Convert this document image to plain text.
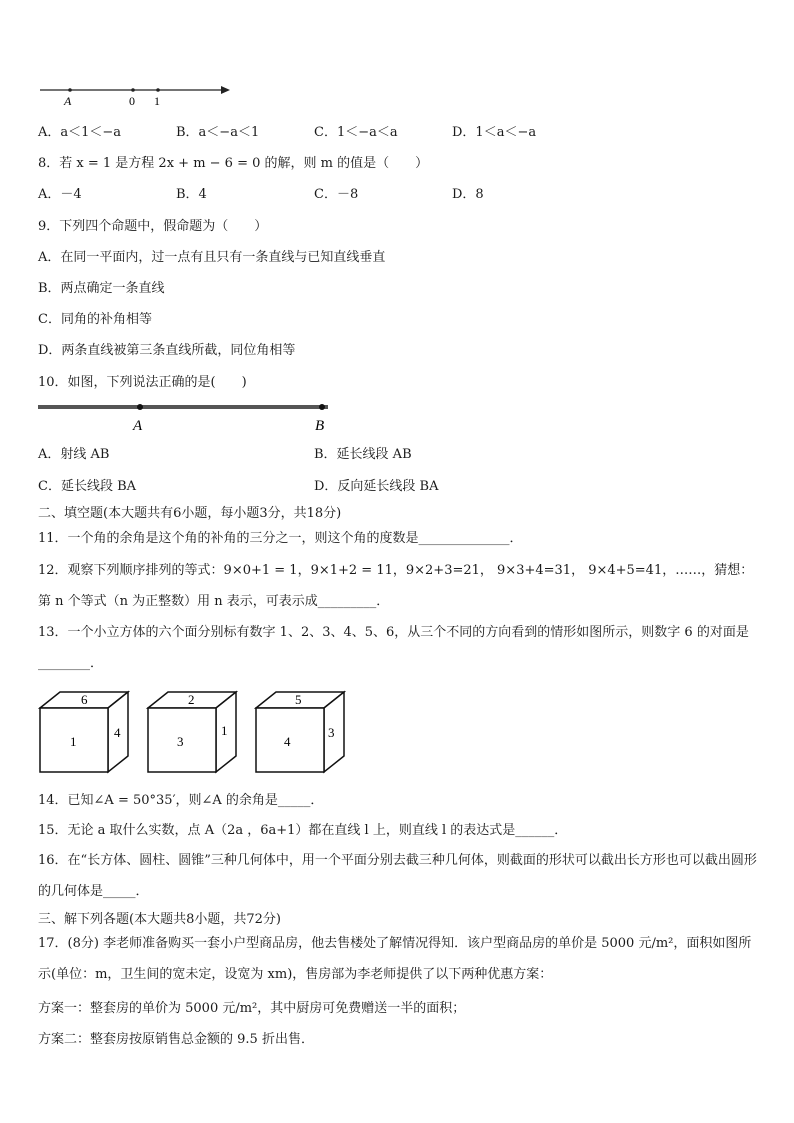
A	0 1
A．a＜1＜−a	B．a＜−a＜1	C．1＜−a＜a	D．1＜a＜−a
8．若 x = 1 是方程 2x + m − 6 = 0 的解，则 m 的值是（　　）
A．－4	B．4	C．－8	D．8
9．下列四个命题中，假命题为（　　）
A．在同一平面内，过一点有且只有一条直线与已知直线垂直
B．两点确定一条直线
C．同角的补角相等
D．两条直线被第三条直线所截，同位角相等
10．如图，下列说法正确的是(　　)
A	B
A．射线 AB	B．延长线段 AB
C．延长线段 BA	D．反向延长线段 BA
二、填空题(本大题共有6小题，每小题3分，共18分)
11．一个角的余角是这个角的补角的三分之一，则这个角的度数是______________．
12．观察下列顺序排列的等式：9×0+1 = 1，9×1+2 = 11，9×2+3=21， 9×3+4=31， 9×4+5=41，……，猜想：第 n 个等式（n 为正整数）用 n 表示，可表示成_________．
13．一个小立方体的六个面分别标有数字 1、2、3、4、5、6，从三个不同的方向看到的情形如图所示，则数字 6 的对面是________．
6
1
4
2
3
1
5
4
3
14．已知∠A = 50°35′，则∠A 的余角是_____．
15．无论 a 取什么实数，点 A（2a ，6a+1）都在直线 l 上，则直线 l 的表达式是______．
16．在“长方体、圆柱、圆锥”三种几何体中，用一个平面分别去截三种几何体，则截面的形状可以截出长方形也可以截出圆形的几何体是_____．
三、解下列各题(本大题共8小题，共72分)
17．(8分) 李老师准备购买一套小户型商品房，他去售楼处了解情况得知．该户型商品房的单价是 5000 元/m²，面积如图所示(单位：m，卫生间的宽未定，设宽为 xm)，售房部为李老师提供了以下两种优惠方案：
方案一：整套房的单价为 5000 元/m²，其中厨房可免费赠送一半的面积；
方案二：整套房按原销售总金额的 9.5 折出售．
